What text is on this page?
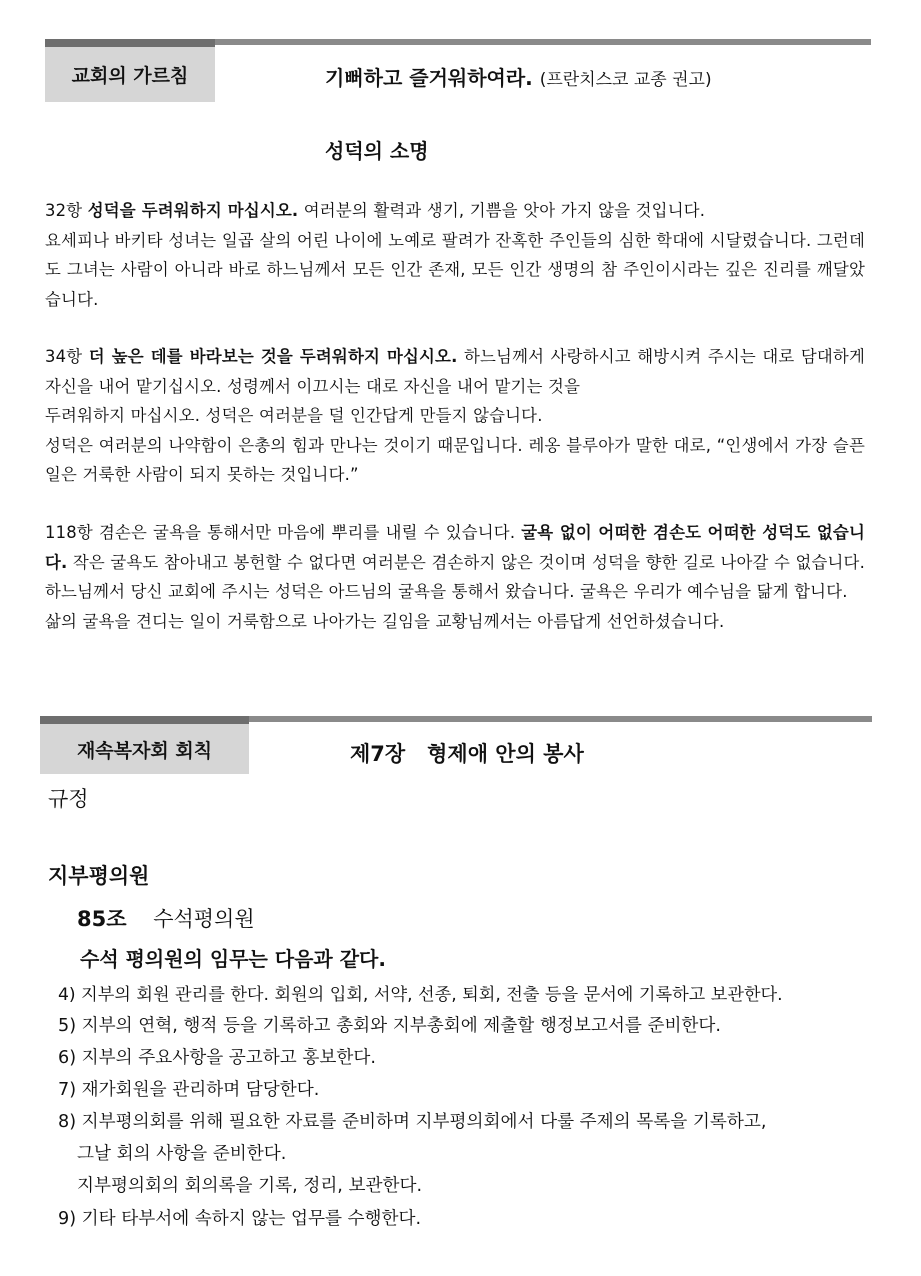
교회의 가르침	기뻐하고 즐거워하여라. (프란치스코 교종 권고)
성덕의 소명

32항 성덕을 두려워하지 마십시오. 여러분의 활력과 생기, 기쁨을 앗아 가지 않을 것입니다.

요세피나 바키타 성녀는 일곱 살의 어린 나이에 노예로 팔려가 잔혹한 주인들의 심한 학대에 시달렸습니다. 그런데도 그녀는 사람이 아니라 바로 하느님께서 모든 인간 존재, 모든 인간 생명의 참 주인이시라는 깊은 진리를 깨달았습니다.

34항 더 높은 데를 바라보는 것을 두려워하지 마십시오. 하느님께서 사랑하시고 해방시켜 주시는 대로 담대하게 자신을 내어 맡기십시오. 성령께서 이끄시는 대로 자신을 내어 맡기는 것을

두려워하지 마십시오. 성덕은 여러분을 덜 인간답게 만들지 않습니다.

성덕은 여러분의 나약함이 은총의 힘과 만나는 것이기 때문입니다. 레옹 블루아가 말한 대로, “인생에서 가장 슬픈 일은 거룩한 사람이 되지 못하는 것입니다.”

118항 겸손은 굴욕을 통해서만 마음에 뿌리를 내릴 수 있습니다. 굴욕 없이 어떠한 겸손도 어떠한 성덕도 없습니다. 작은 굴욕도 참아내고 봉헌할 수 없다면 여러분은 겸손하지 않은 것이며 성덕을 향한 길로 나아갈 수 없습니다. 하느님께서 당신 교회에 주시는 성덕은 아드님의 굴욕을 통해서 왔습니다. 굴욕은 우리가 예수님을 닮게 합니다.

삶의 굴욕을 견디는 일이 거룩함으로 나아가는 길임을 교황님께서는 아름답게 선언하셨습니다.

재속복자회 회칙	제7장   형제애 안의 봉사
규정
지부평의원
85조 수석평의원
수석 평의원의 임무는 다음과 같다.
4) 지부의 회원 관리를 한다. 회원의 입회, 서약, 선종, 퇴회, 전출 등을 문서에 기록하고 보관한다.
5) 지부의 연혁, 행적 등을 기록하고 총회와 지부총회에 제출할 행정보고서를 준비한다.
6) 지부의 주요사항을 공고하고 홍보한다.
7) 재가회원을 관리하며 담당한다.
8) 지부평의회를 위해 필요한 자료를 준비하며 지부평의회에서 다룰 주제의 목록을 기록하고,
그날 회의 사항을 준비한다.
지부평의회의 회의록을 기록, 정리, 보관한다.
9) 기타 타부서에 속하지 않는 업무를 수행한다.
